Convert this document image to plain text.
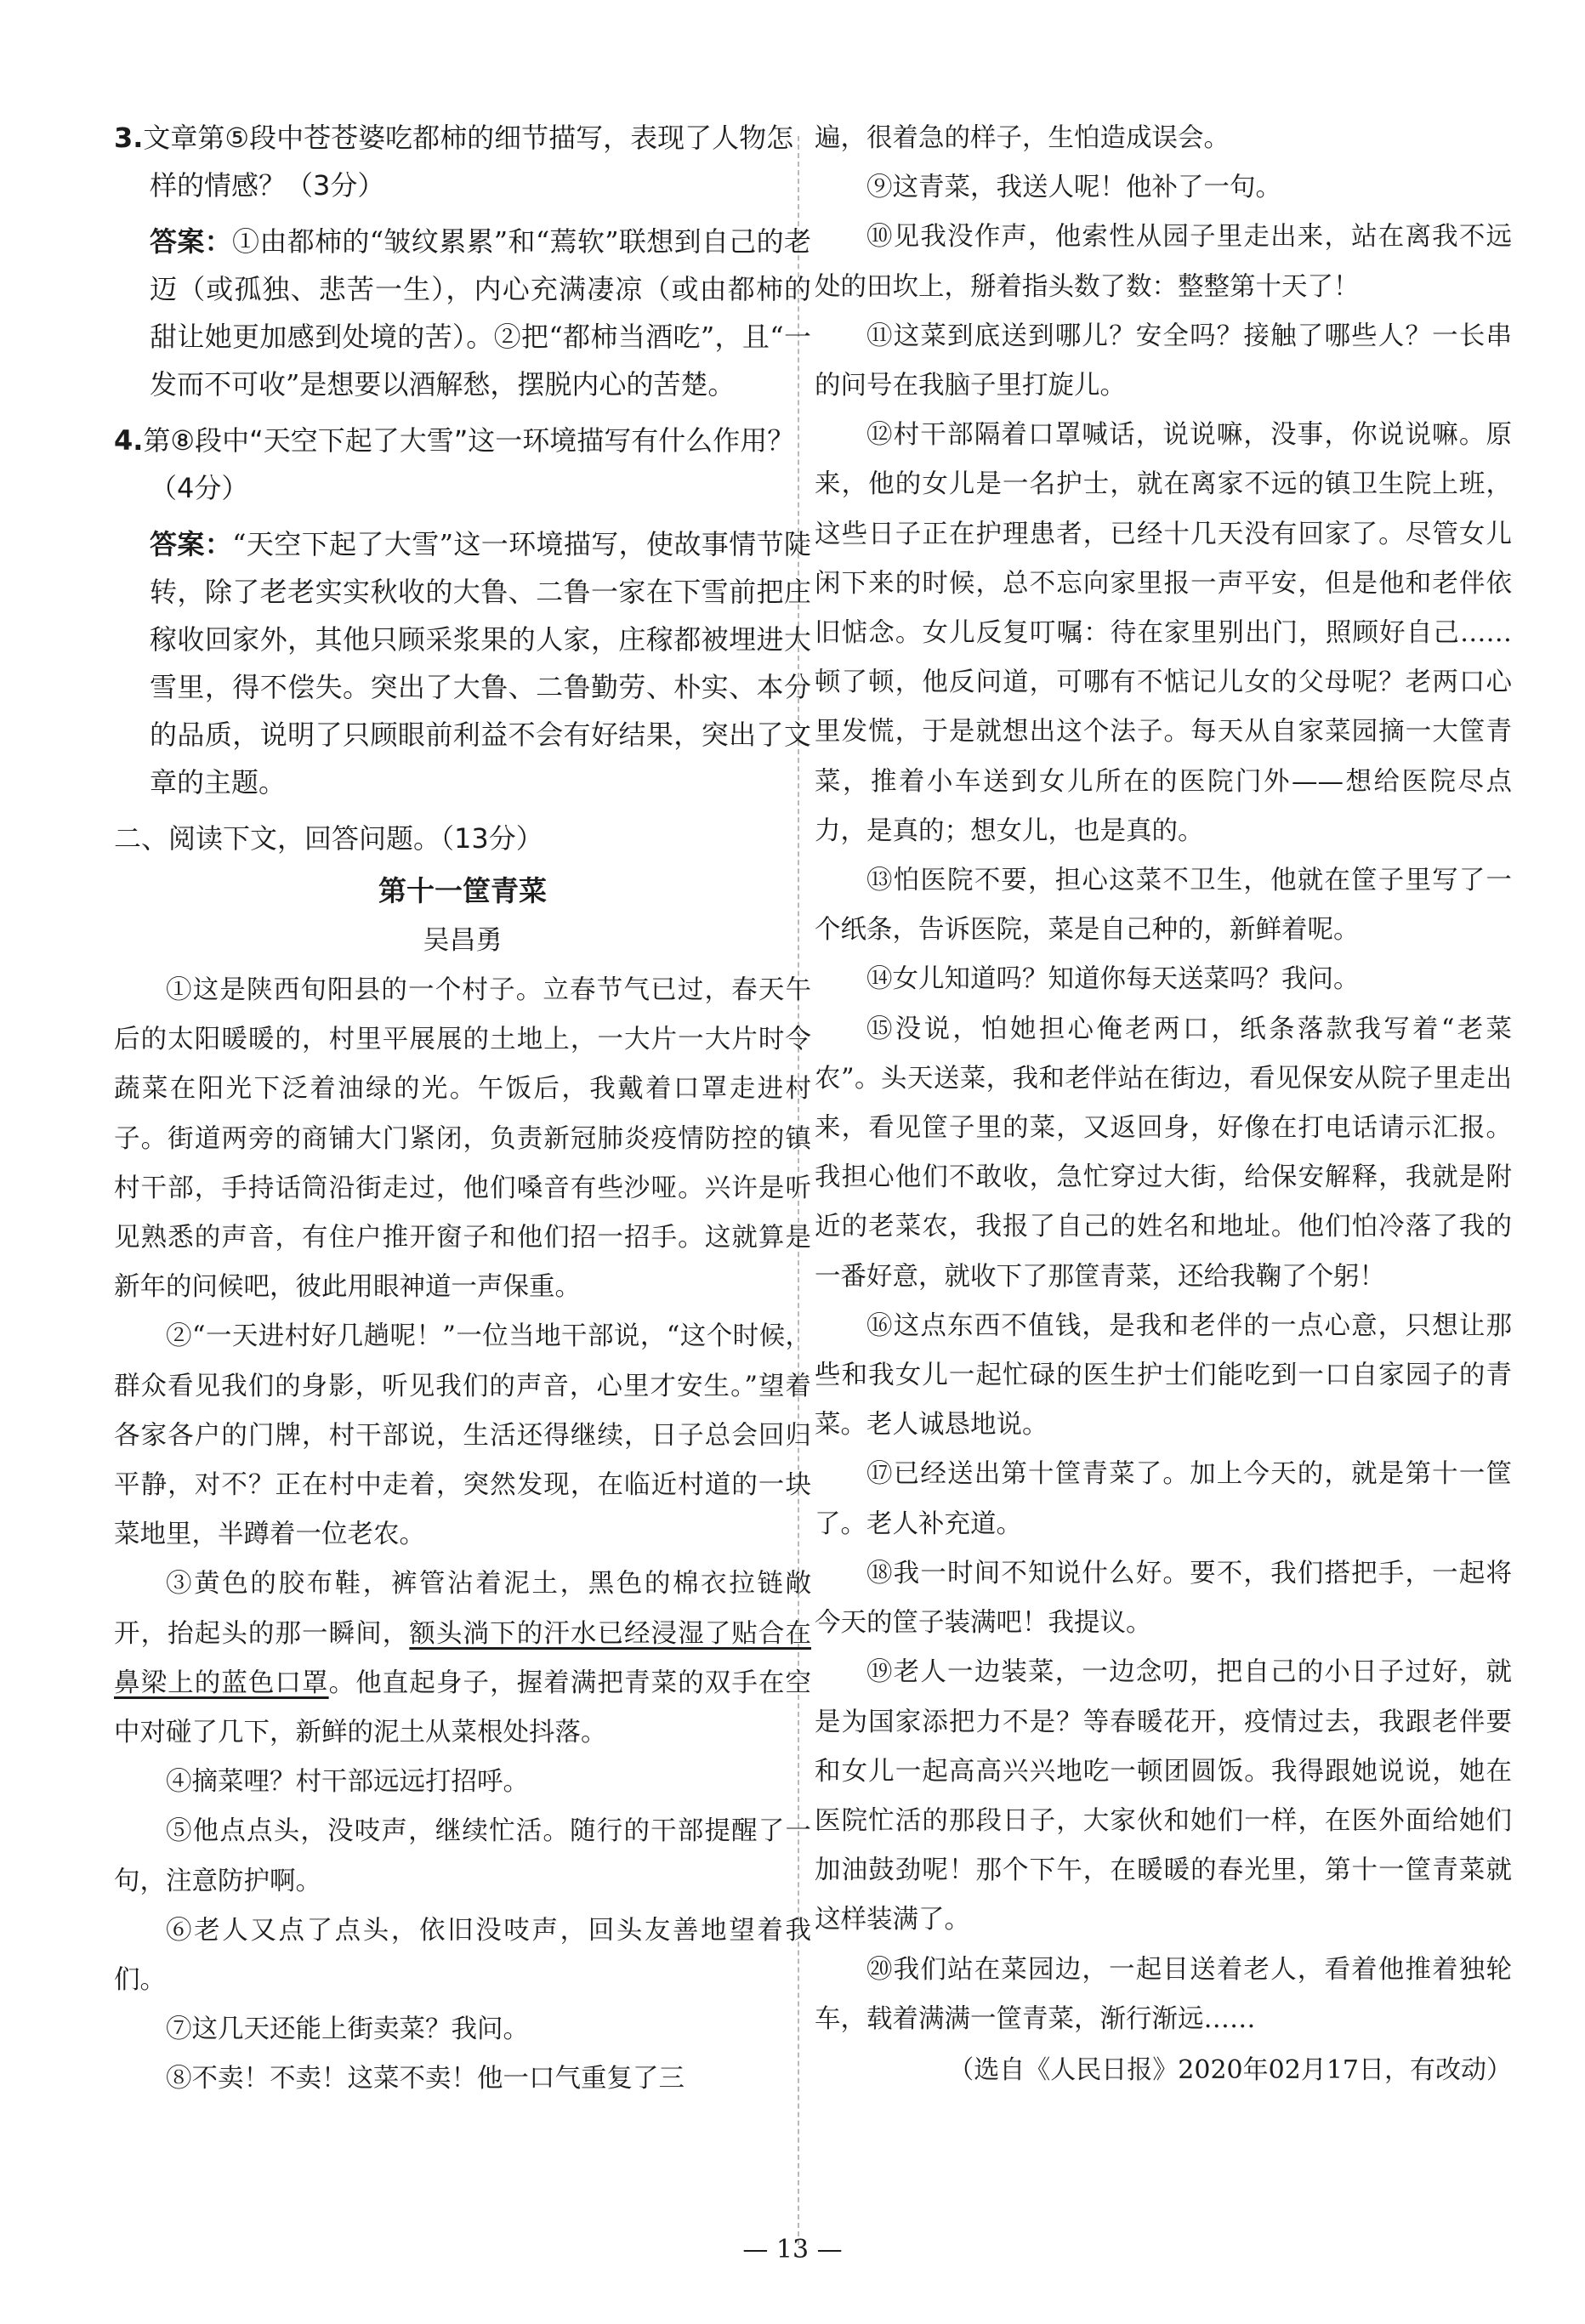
3.文章第⑤段中苍苍婆吃都柿的细节描写，表现了人物怎样的情感？（3分）

答案：①由都柿的“皱纹累累”和“蔫软”联想到自己的老迈（或孤独、悲苦一生），内心充满凄凉（或由都柿的甜让她更加感到处境的苦）。②把“都柿当酒吃”，且“一发而不可收”是想要以酒解愁，摆脱内心的苦楚。

4.第⑧段中“天空下起了大雪”这一环境描写有什么作用？（4分）

答案：“天空下起了大雪”这一环境描写，使故事情节陡转，除了老老实实秋收的大鲁、二鲁一家在下雪前把庄稼收回家外，其他只顾采浆果的人家，庄稼都被埋进大雪里，得不偿失。突出了大鲁、二鲁勤劳、朴实、本分的品质，说明了只顾眼前利益不会有好结果，突出了文章的主题。

二、阅读下文，回答问题。（13分）

第十一筐青菜

吴昌勇

①这是陕西旬阳县的一个村子。立春节气已过，春天午后的太阳暖暖的，村里平展展的土地上，一大片一大片时令蔬菜在阳光下泛着油绿的光。午饭后，我戴着口罩走进村子。街道两旁的商铺大门紧闭，负责新冠肺炎疫情防控的镇村干部，手持话筒沿街走过，他们嗓音有些沙哑。兴许是听见熟悉的声音，有住户推开窗子和他们招一招手。这就算是新年的问候吧，彼此用眼神道一声保重。

②“一天进村好几趟呢！”一位当地干部说，“这个时候，群众看见我们的身影，听见我们的声音，心里才安生。”望着各家各户的门牌，村干部说，生活还得继续，日子总会回归平静，对不？正在村中走着，突然发现，在临近村道的一块菜地里，半蹲着一位老农。

③黄色的胶布鞋，裤管沾着泥土，黑色的棉衣拉链敞开，抬起头的那一瞬间，额头淌下的汗水已经浸湿了贴合在鼻梁上的蓝色口罩。他直起身子，握着满把青菜的双手在空中对碰了几下，新鲜的泥土从菜根处抖落。

④摘菜哩？村干部远远打招呼。

⑤他点点头，没吱声，继续忙活。随行的干部提醒了一句，注意防护啊。

⑥老人又点了点头，依旧没吱声，回头友善地望着我们。

⑦这几天还能上街卖菜？我问。

⑧不卖！不卖！这菜不卖！他一口气重复了三

遍，很着急的样子，生怕造成误会。

⑨这青菜，我送人呢！他补了一句。

⑩见我没作声，他索性从园子里走出来，站在离我不远处的田坎上，掰着指头数了数：整整第十天了！

⑪这菜到底送到哪儿？安全吗？接触了哪些人？一长串的问号在我脑子里打旋儿。

⑫村干部隔着口罩喊话，说说嘛，没事，你说说嘛。原来，他的女儿是一名护士，就在离家不远的镇卫生院上班，这些日子正在护理患者，已经十几天没有回家了。尽管女儿闲下来的时候，总不忘向家里报一声平安，但是他和老伴依旧惦念。女儿反复叮嘱：待在家里别出门，照顾好自己……顿了顿，他反问道，可哪有不惦记儿女的父母呢？老两口心里发慌，于是就想出这个法子。每天从自家菜园摘一大筐青菜，推着小车送到女儿所在的医院门外——想给医院尽点力，是真的；想女儿，也是真的。

⑬怕医院不要，担心这菜不卫生，他就在筐子里写了一个纸条，告诉医院，菜是自己种的，新鲜着呢。

⑭女儿知道吗？知道你每天送菜吗？我问。

⑮没说，怕她担心俺老两口，纸条落款我写着“老菜农”。头天送菜，我和老伴站在街边，看见保安从院子里走出来，看见筐子里的菜，又返回身，好像在打电话请示汇报。我担心他们不敢收，急忙穿过大街，给保安解释，我就是附近的老菜农，我报了自己的姓名和地址。他们怕冷落了我的一番好意，就收下了那筐青菜，还给我鞠了个躬！

⑯这点东西不值钱，是我和老伴的一点心意，只想让那些和我女儿一起忙碌的医生护士们能吃到一口自家园子的青菜。老人诚恳地说。

⑰已经送出第十筐青菜了。加上今天的，就是第十一筐了。老人补充道。

⑱我一时间不知说什么好。要不，我们搭把手，一起将今天的筐子装满吧！我提议。

⑲老人一边装菜，一边念叨，把自己的小日子过好，就是为国家添把力不是？等春暖花开，疫情过去，我跟老伴要和女儿一起高高兴兴地吃一顿团圆饭。我得跟她说说，她在医院忙活的那段日子，大家伙和她们一样，在医外面给她们加油鼓劲呢！那个下午，在暖暖的春光里，第十一筐青菜就这样装满了。

⑳我们站在菜园边，一起目送着老人，看着他推着独轮车，载着满满一筐青菜，渐行渐远……

（选自《人民日报》2020年02月17日，有改动）

— 13 —
